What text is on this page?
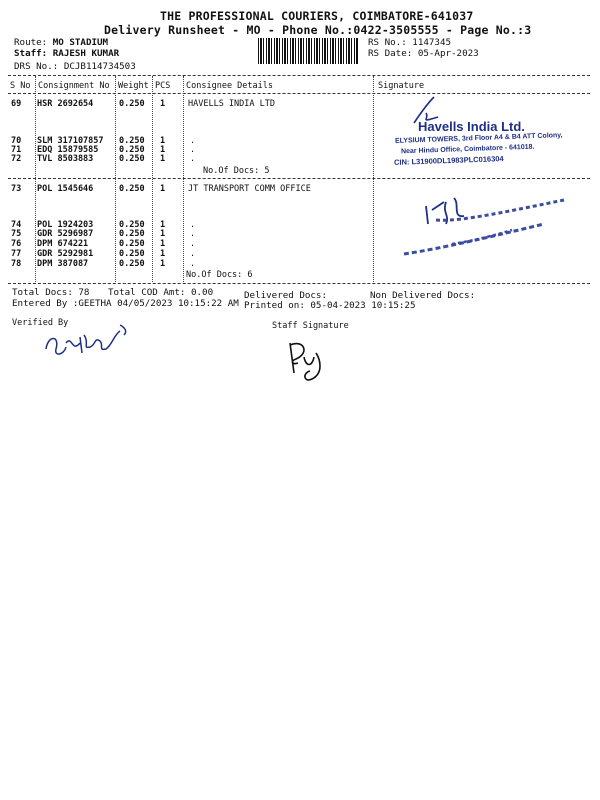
THE PROFESSIONAL COURIERS, COIMBATORE-641037
Delivery Runsheet - MO - Phone No.:0422-3505555 - Page No.:3
Route: MO STADIUM
Staff: RAJESH KUMAR
DRS No.: DCJB114734503
RS No.: 1147345
RS Date: 05-Apr-2023
S No Consignment No Weight PCS Consignee Details	Signature
69 HSR 2692654	0.250 1	HAVELLS INDIA LTD
70 SLM 317107857 0.250 1	.
71 EDQ 15879585 0.250 1	.
72 TVL 8503883	0.250 1	.
No.Of Docs: 5
73 POL 1545646	0.250 1	JT TRANSPORT COMM OFFICE
74 POL 1924203	0.250 1	.
75 GDR 5296987	0.250 1	.
76 DPM 674221	0.250 1	.
77 GDR 5292981	0.250 1	.
78 DPM 387087	0.250 1	.
No.Of Docs: 6
Havells India Ltd.
ELYSIUM TOWERS, 3rd Floor A4 & B4 ATT Colony,
Near Hindu Office, Coimbatore - 641018.
CIN: L31900DL1983PLC016304
Total Docs: 78 Total COD Amt: 0.00	Delivered Docs:	Non Delivered Docs:
Entered By :GEETHA 04/05/2023 10:15:22 AM Printed on: 05-04-2023 10:15:25
Verified By	Staff Signature
